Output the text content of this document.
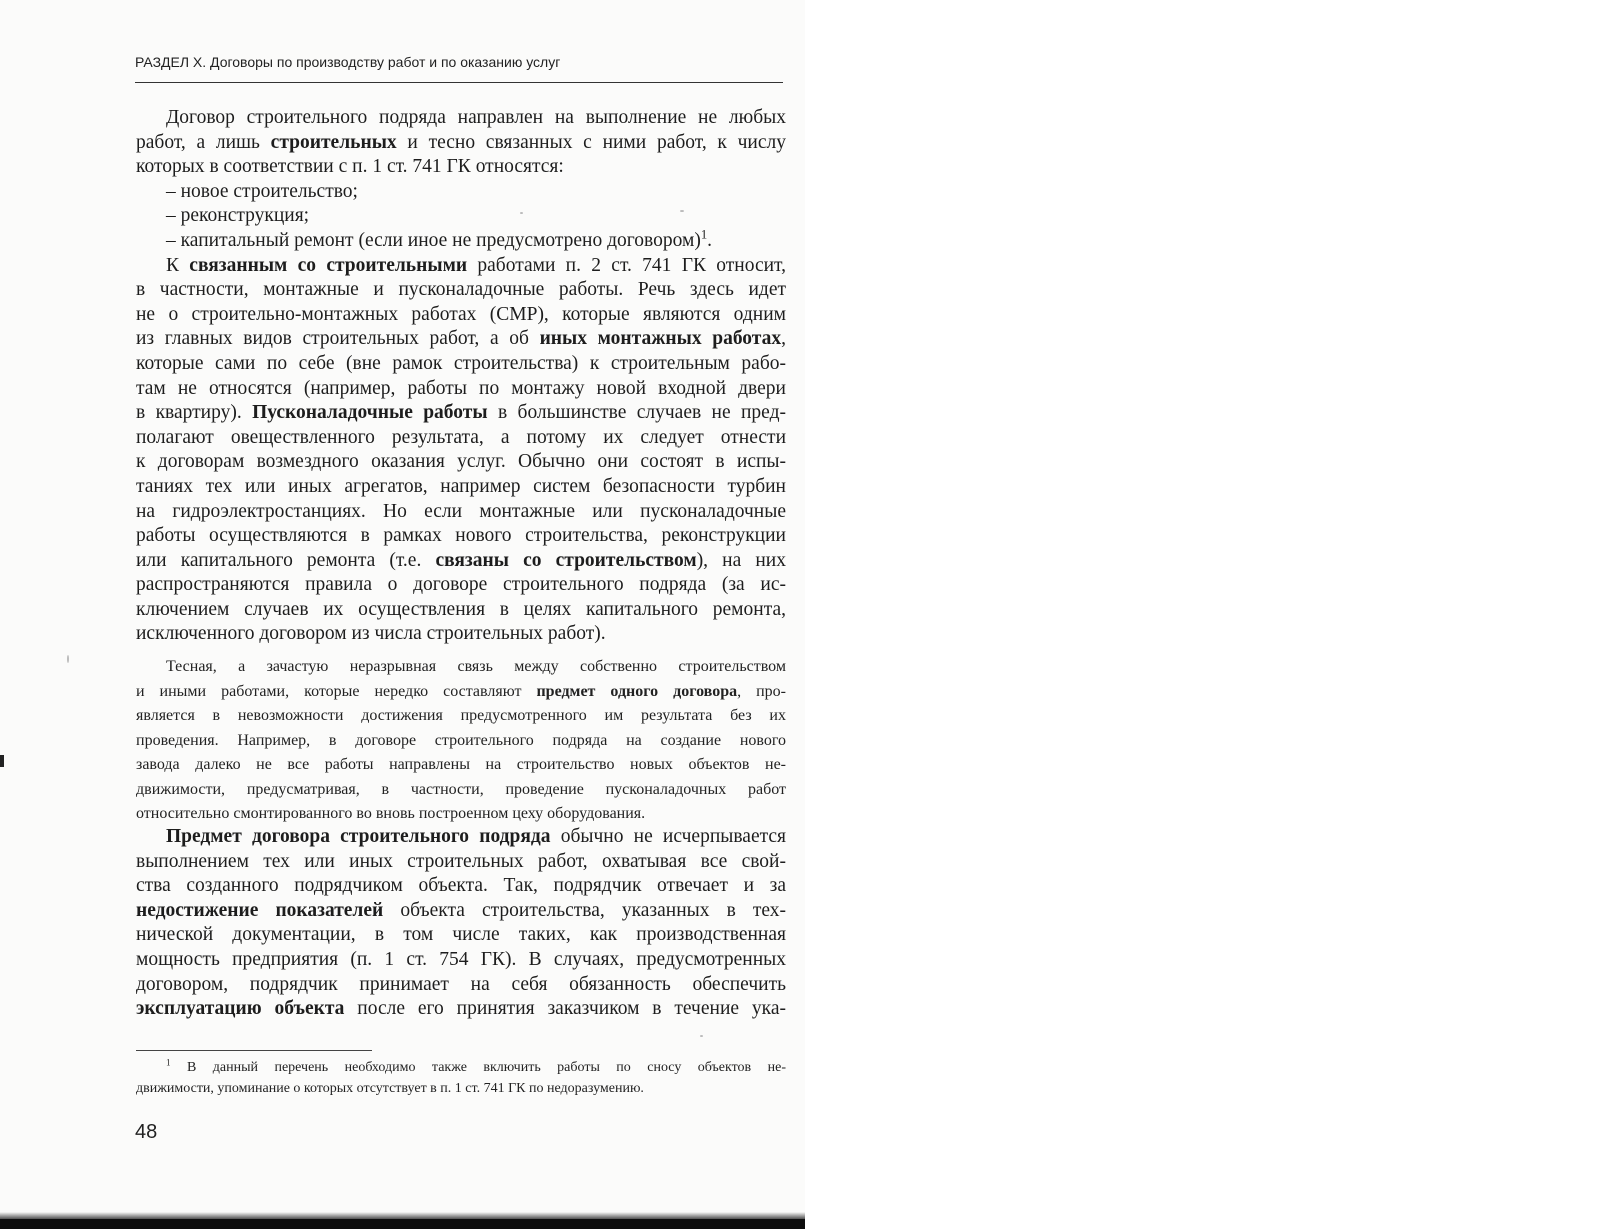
РАЗДЕЛ X. Договоры по производству работ и по оказанию услуг
Договор строительного подряда направлен на выполнение не любых
работ, а лишь строительных и тесно связанных с ними работ, к числу
которых в соответствии с п. 1 ст. 741 ГК относятся:
– новое строительство;
– реконструкция;
– капитальный ремонт (если иное не предусмотрено договором)$^1$.
К связанным со строительными работами п. 2 ст. 741 ГК относит,
в частности, монтажные и пусконаладочные работы. Речь здесь идет
не о строительно-монтажных работах (СМР), которые являются одним
из главных видов строительных работ, а об иных монтажных работах,
которые сами по себе (вне рамок строительства) к строительным рабо-
там не относятся (например, работы по монтажу новой входной двери
в квартиру). Пусконаладочные работы в большинстве случаев не пред-
полагают овеществленного результата, а потому их следует отнести
к договорам возмездного оказания услуг. Обычно они состоят в испы-
таниях тех или иных агрегатов, например систем безопасности турбин
на гидроэлектростанциях. Но если монтажные или пусконаладочные
работы осуществляются в рамках нового строительства, реконструкции
или капитального ремонта (т.е. связаны со строительством), на них
распространяются правила о договоре строительного подряда (за ис-
ключением случаев их осуществления в целях капитального ремонта,
исключенного договором из числа строительных работ).
Тесная, а зачастую неразрывная связь между собственно строительством
и иными работами, которые нередко составляют предмет одного договора, про-
является в невозможности достижения предусмотренного им результата без их
проведения. Например, в договоре строительного подряда на создание нового
завода далеко не все работы направлены на строительство новых объектов не-
движимости, предусматривая, в частности, проведение пусконаладочных работ
относительно смонтированного во вновь построенном цеху оборудования.
Предмет договора строительного подряда обычно не исчерпывается
выполнением тех или иных строительных работ, охватывая все свой-
ства созданного подрядчиком объекта. Так, подрядчик отвечает и за
недостижение показателей объекта строительства, указанных в тех-
нической документации, в том числе таких, как производственная
мощность предприятия (п. 1 ст. 754 ГК). В случаях, предусмотренных
договором, подрядчик принимает на себя обязанность обеспечить
эксплуатацию объекта после его принятия заказчиком в течение ука-
$^1$ В данный перечень необходимо также включить работы по сносу объектов не-
движимости, упоминание о которых отсутствует в п. 1 ст. 741 ГК по недоразумению.
48
